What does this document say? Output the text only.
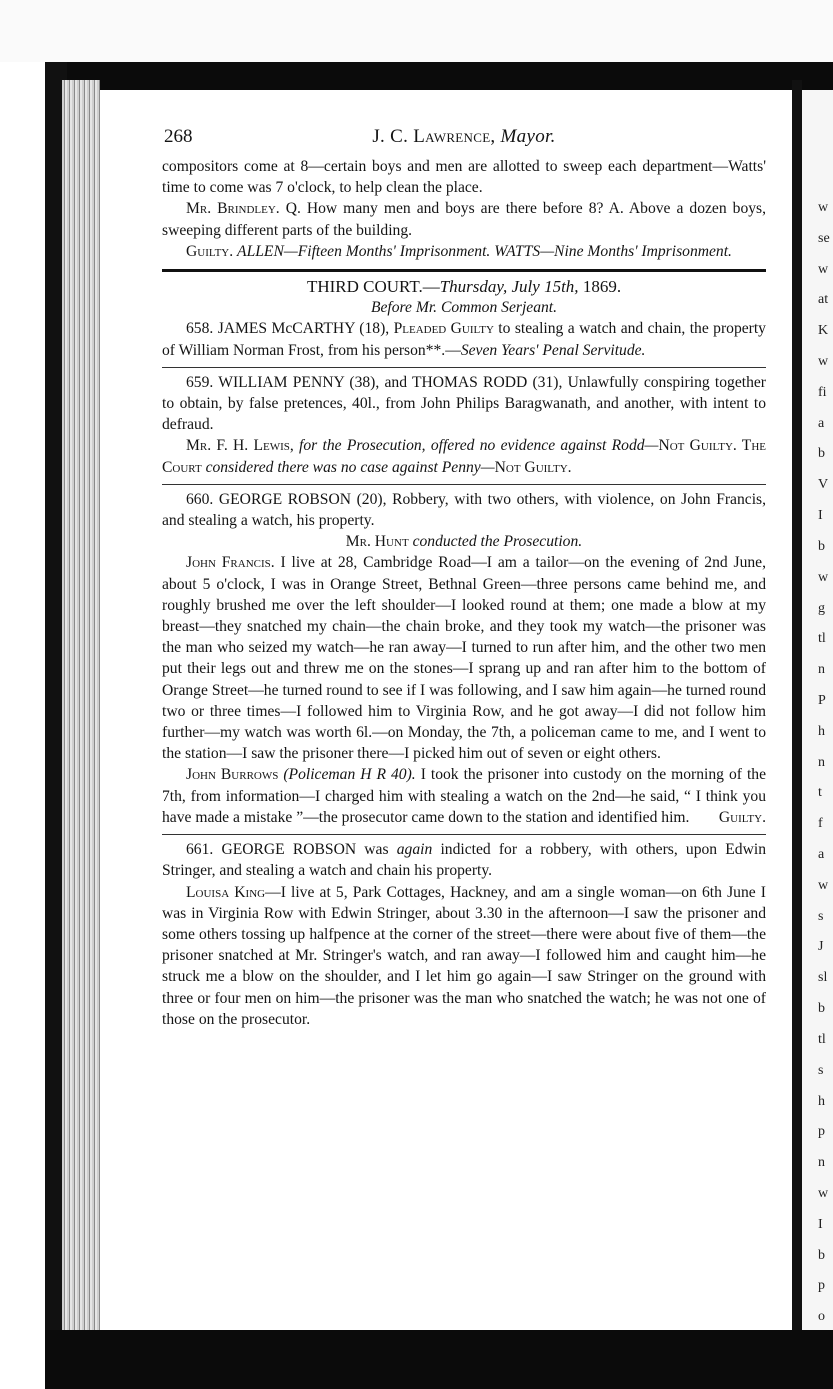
w
se
w
at
K
w
fi
a
b
V
I
b
w
g
tl
n
P
h
n
t
f
a
w
s
J
sl
b
tl
s
h
p
n
w
I
b
p
o
268	J. C. Lawrence, Mayor.

compositors come at 8—certain boys and men are allotted to sweep each department—Watts' time to come was 7 o'clock, to help clean the place.

Mr. Brindley. Q. How many men and boys are there before 8? A. Above a dozen boys, sweeping different parts of the building.

Guilty. ALLEN—Fifteen Months' Imprisonment. WATTS—Nine Months' Imprisonment.

THIRD COURT.—Thursday, July 15th, 1869.

Before Mr. Common Serjeant.

658. JAMES McCARTHY (18), Pleaded Guilty to stealing a watch and chain, the property of William Norman Frost, from his person**.—Seven Years' Penal Servitude.

659. WILLIAM PENNY (38), and THOMAS RODD (31), Unlawfully conspiring together to obtain, by false pretences, 40l., from John Philips Baragwanath, and another, with intent to defraud.

Mr. F. H. Lewis, for the Prosecution, offered no evidence against Rodd—Not Guilty. The Court considered there was no case against Penny—Not Guilty.

660. GEORGE ROBSON (20), Robbery, with two others, with violence, on John Francis, and stealing a watch, his property.

Mr. Hunt conducted the Prosecution.

John Francis. I live at 28, Cambridge Road—I am a tailor—on the evening of 2nd June, about 5 o'clock, I was in Orange Street, Bethnal Green—three persons came behind me, and roughly brushed me over the left shoulder—I looked round at them; one made a blow at my breast—they snatched my chain—the chain broke, and they took my watch—the prisoner was the man who seized my watch—he ran away—I turned to run after him, and the other two men put their legs out and threw me on the stones—I sprang up and ran after him to the bottom of Orange Street—he turned round to see if I was following, and I saw him again—he turned round two or three times—I followed him to Virginia Row, and he got away—I did not follow him further—my watch was worth 6l.—on Monday, the 7th, a policeman came to me, and I went to the station—I saw the prisoner there—I picked him out of seven or eight others.

John Burrows (Policeman H R 40). I took the prisoner into custody on the morning of the 7th, from information—I charged him with stealing a watch on the 2nd—he said, “ I think you have made a mistake ”—the prosecutor came down to the station and identified him.	Guilty.

661. GEORGE ROBSON was again indicted for a robbery, with others, upon Edwin Stringer, and stealing a watch and chain his property.

Louisa King—I live at 5, Park Cottages, Hackney, and am a single woman—on 6th June I was in Virginia Row with Edwin Stringer, about 3.30 in the afternoon—I saw the prisoner and some others tossing up halfpence at the corner of the street—there were about five of them—the prisoner snatched at Mr. Stringer's watch, and ran away—I followed him and caught him—he struck me a blow on the shoulder, and I let him go again—I saw Stringer on the ground with three or four men on him—the prisoner was the man who snatched the watch; he was not one of those on the prosecutor.
